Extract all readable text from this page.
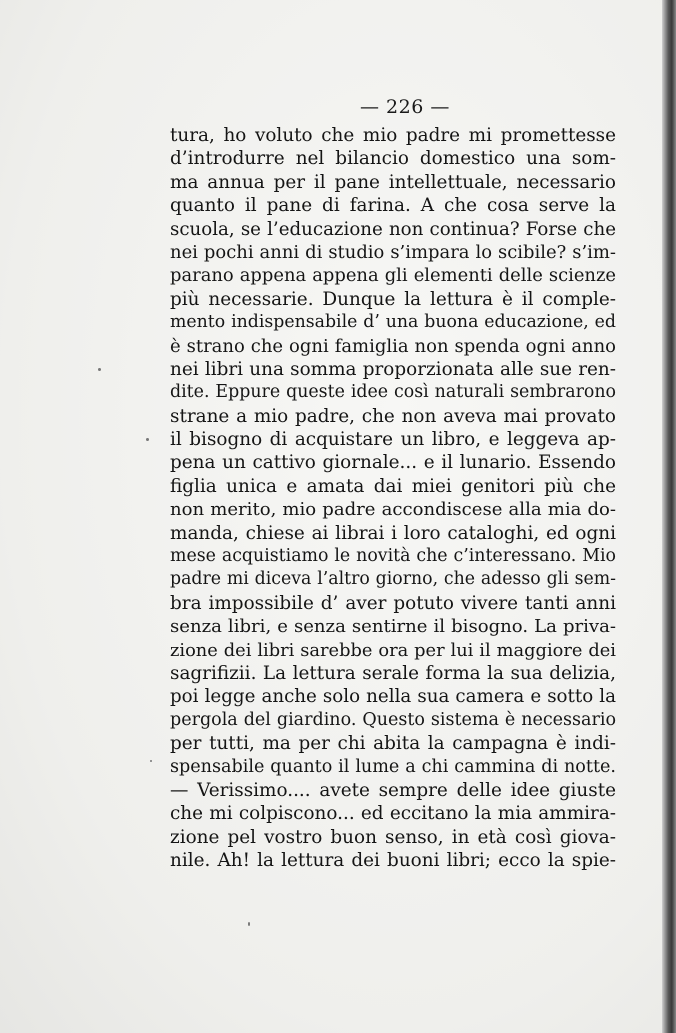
— 226 —
tura, ho voluto che mio padre mi promettesse
d’introdurre nel bilancio domestico una som-
ma annua per il pane intellettuale, necessario
quanto il pane di farina. A che cosa serve la
scuola, se l’educazione non continua? Forse che
nei pochi anni di studio s’impara lo scibile? s’im-
parano appena appena gli elementi delle scienze
più necessarie. Dunque la lettura è il comple-
mento indispensabile d’ una buona educazione, ed
è strano che ogni famiglia non spenda ogni anno
nei libri una somma proporzionata alle sue ren-
dite. Eppure queste idee così naturali sembrarono
strane a mio padre, che non aveva mai provato
il bisogno di acquistare un libro, e leggeva ap-
pena un cattivo giornale... e il lunario. Essendo
figlia unica e amata dai miei genitori più che
non merito, mio padre accondiscese alla mia do-
manda, chiese ai librai i loro cataloghi, ed ogni
mese acquistiamo le novità che c’interessano. Mio
padre mi diceva l’altro giorno, che adesso gli sem-
bra impossibile d’ aver potuto vivere tanti anni
senza libri, e senza sentirne il bisogno. La priva-
zione dei libri sarebbe ora per lui il maggiore dei
sagrifizii. La lettura serale forma la sua delizia,
poi legge anche solo nella sua camera e sotto la
pergola del giardino. Questo sistema è necessario
per tutti, ma per chi abita la campagna è indi-
spensabile quanto il lume a chi cammina di notte.
— Verissimo.... avete sempre delle idee giuste
che mi colpiscono... ed eccitano la mia ammira-
zione pel vostro buon senso, in età così giova-
nile. Ah! la lettura dei buoni libri; ecco la spie-
